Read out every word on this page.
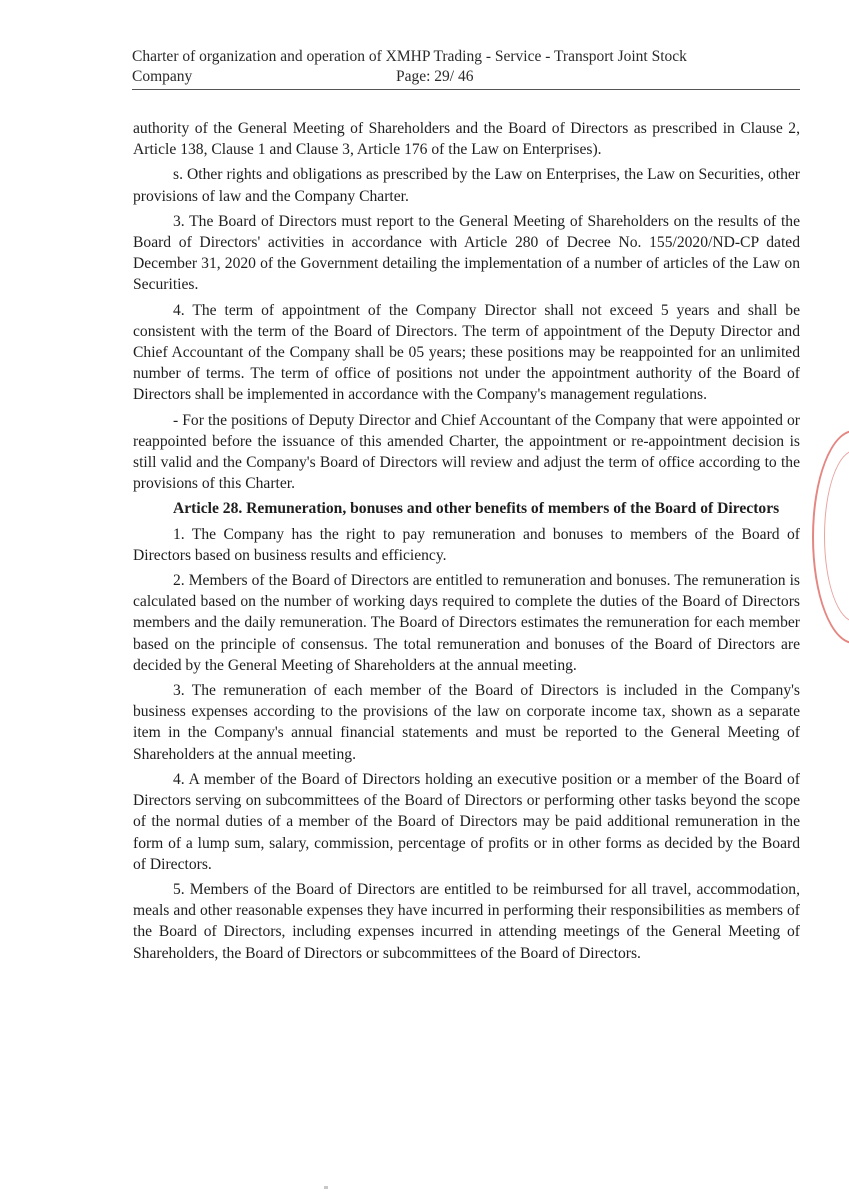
Charter of organization and operation of XMHP Trading - Service - Transport Joint Stock
Company	Page: 29/ 46

authority of the General Meeting of Shareholders and the Board of Directors as prescribed in Clause 2, Article 138, Clause 1 and Clause 3, Article 176 of the Law on Enterprises).

s. Other rights and obligations as prescribed by the Law on Enterprises, the Law on Securities, other provisions of law and the Company Charter.

3. The Board of Directors must report to the General Meeting of Shareholders on the results of the Board of Directors' activities in accordance with Article 280 of Decree No. 155/2020/ND-CP dated December 31, 2020 of the Government detailing the implementation of a number of articles of the Law on Securities.

4. The term of appointment of the Company Director shall not exceed 5 years and shall be consistent with the term of the Board of Directors. The term of appointment of the Deputy Director and Chief Accountant of the Company shall be 05 years; these positions may be reappointed for an unlimited number of terms. The term of office of positions not under the appointment authority of the Board of Directors shall be implemented in accordance with the Company's management regulations.

- For the positions of Deputy Director and Chief Accountant of the Company that were appointed or reappointed before the issuance of this amended Charter, the appointment or re-appointment decision is still valid and the Company's Board of Directors will review and adjust the term of office according to the provisions of this Charter.

Article 28. Remuneration, bonuses and other benefits of members of the Board of Directors

1. The Company has the right to pay remuneration and bonuses to members of the Board of Directors based on business results and efficiency.

2. Members of the Board of Directors are entitled to remuneration and bonuses. The remuneration is calculated based on the number of working days required to complete the duties of the Board of Directors members and the daily remuneration. The Board of Directors estimates the remuneration for each member based on the principle of consensus. The total remuneration and bonuses of the Board of Directors are decided by the General Meeting of Shareholders at the annual meeting.

3. The remuneration of each member of the Board of Directors is included in the Company's business expenses according to the provisions of the law on corporate income tax, shown as a separate item in the Company's annual financial statements and must be reported to the General Meeting of Shareholders at the annual meeting.

4. A member of the Board of Directors holding an executive position or a member of the Board of Directors serving on subcommittees of the Board of Directors or performing other tasks beyond the scope of the normal duties of a member of the Board of Directors may be paid additional remuneration in the form of a lump sum, salary, commission, percentage of profits or in other forms as decided by the Board of Directors.

5. Members of the Board of Directors are entitled to be reimbursed for all travel, accommodation, meals and other reasonable expenses they have incurred in performing their responsibilities as members of the Board of Directors, including expenses incurred in attending meetings of the General Meeting of Shareholders, the Board of Directors or subcommittees of the Board of Directors.
